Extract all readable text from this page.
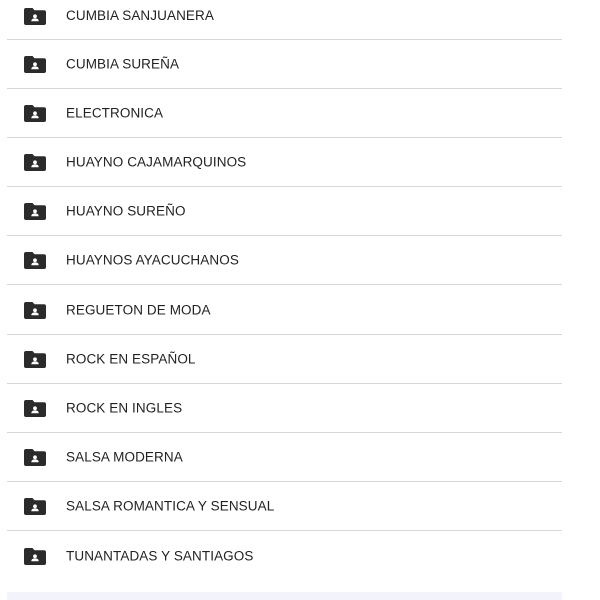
CUMBIA SANJUANERA
CUMBIA SUREÑA
ELECTRONICA
HUAYNO CAJAMARQUINOS
HUAYNO SUREÑO
HUAYNOS AYACUCHANOS
REGUETON DE MODA
ROCK EN ESPAÑOL
ROCK EN INGLES
SALSA MODERNA
SALSA ROMANTICA Y SENSUAL
TUNANTADAS Y SANTIAGOS
